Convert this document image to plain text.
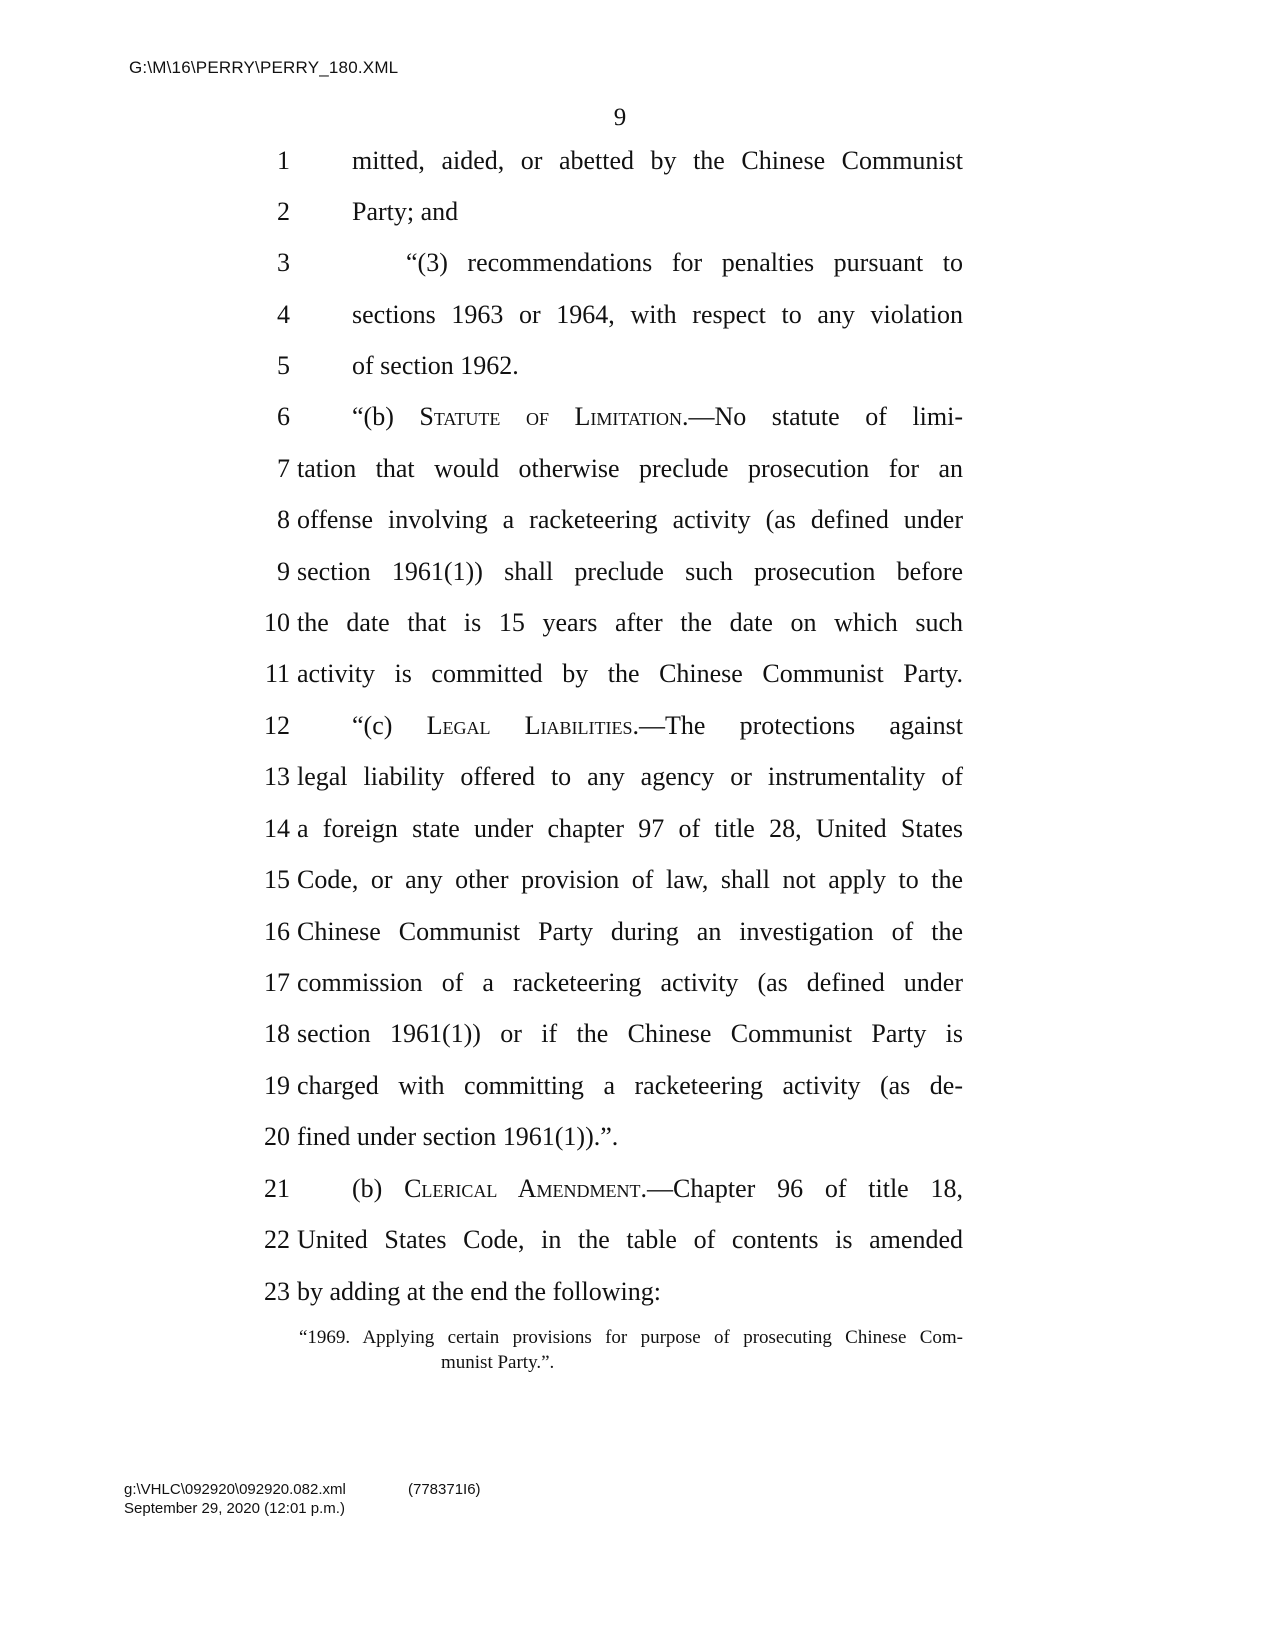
G:\M\16\PERRY\PERRY_180.XML
9
1 mitted, aided, or abetted by the Chinese Communist
2 Party; and
3	“(3) recommendations for penalties pursuant to
4 sections 1963 or 1964, with respect to any violation
5 of section 1962.
6 “(b) Statute of Limitation.—No statute of limi-
7 tation that would otherwise preclude prosecution for an
8 offense involving a racketeering activity (as defined under
9 section 1961(1)) shall preclude such prosecution before
10 the date that is 15 years after the date on which such
11 activity is committed by the Chinese Communist Party.
12 “(c) Legal Liabilities.—The protections against
13 legal liability offered to any agency or instrumentality of
14 a foreign state under chapter 97 of title 28, United States
15 Code, or any other provision of law, shall not apply to the
16 Chinese Communist Party during an investigation of the
17 commission of a racketeering activity (as defined under
18 section 1961(1)) or if the Chinese Communist Party is
19 charged with committing a racketeering activity (as de-
20 fined under section 1961(1)).”.
21 (b) Clerical Amendment.—Chapter 96 of title 18,
22 United States Code, in the table of contents is amended
23 by adding at the end the following:
“1969. Applying certain provisions for purpose of prosecuting Chinese Com-
munist Party.”.
g:\VHLC\092920\092920.082.xml	(778371I6)
September 29, 2020 (12:01 p.m.)
